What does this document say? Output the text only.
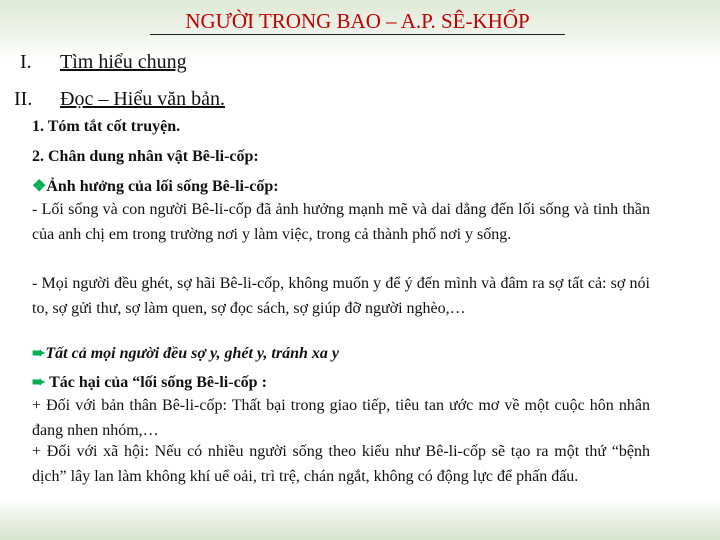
NGƯỜI TRONG BAO – A.P. SÊ-KHỐP
I. Tìm hiểu chung
II. Đọc – Hiểu văn bản.
1. Tóm tắt cốt truyện.
2. Chân dung nhân vật Bê-li-cốp:
❖Ảnh hưởng của lối sống Bê-li-cốp:
- Lối sống và con người Bê-li-cốp đã ảnh hưởng mạnh mẽ và dai dẳng đến lối sống và tinh thần của anh chị em trong trường nơi y làm việc, trong cả thành phố nơi y sống.
- Mọi người đều ghét, sợ hãi Bê-li-cốp, không muốn y để ý đến mình và đâm ra sợ tất cả: sợ nói to, sợ gửi thư, sợ làm quen, sợ đọc sách, sợ giúp đỡ người nghèo,…
➨Tất cả mọi người đều sợ y, ghét y, tránh xa y
➨ Tác hại của “lối sống Bê-li-cốp :
+ Đối với bản thân Bê-li-cốp: Thất bại trong giao tiếp, tiêu tan ước mơ về một cuộc hôn nhân đang nhen nhóm,…
+ Đối với xã hội: Nếu có nhiều người sống theo kiểu như Bê-li-cốp sẽ tạo ra một thứ “bệnh dịch” lây lan làm không khí uể oải, trì trệ, chán ngắt, không có động lực để phấn đấu.
